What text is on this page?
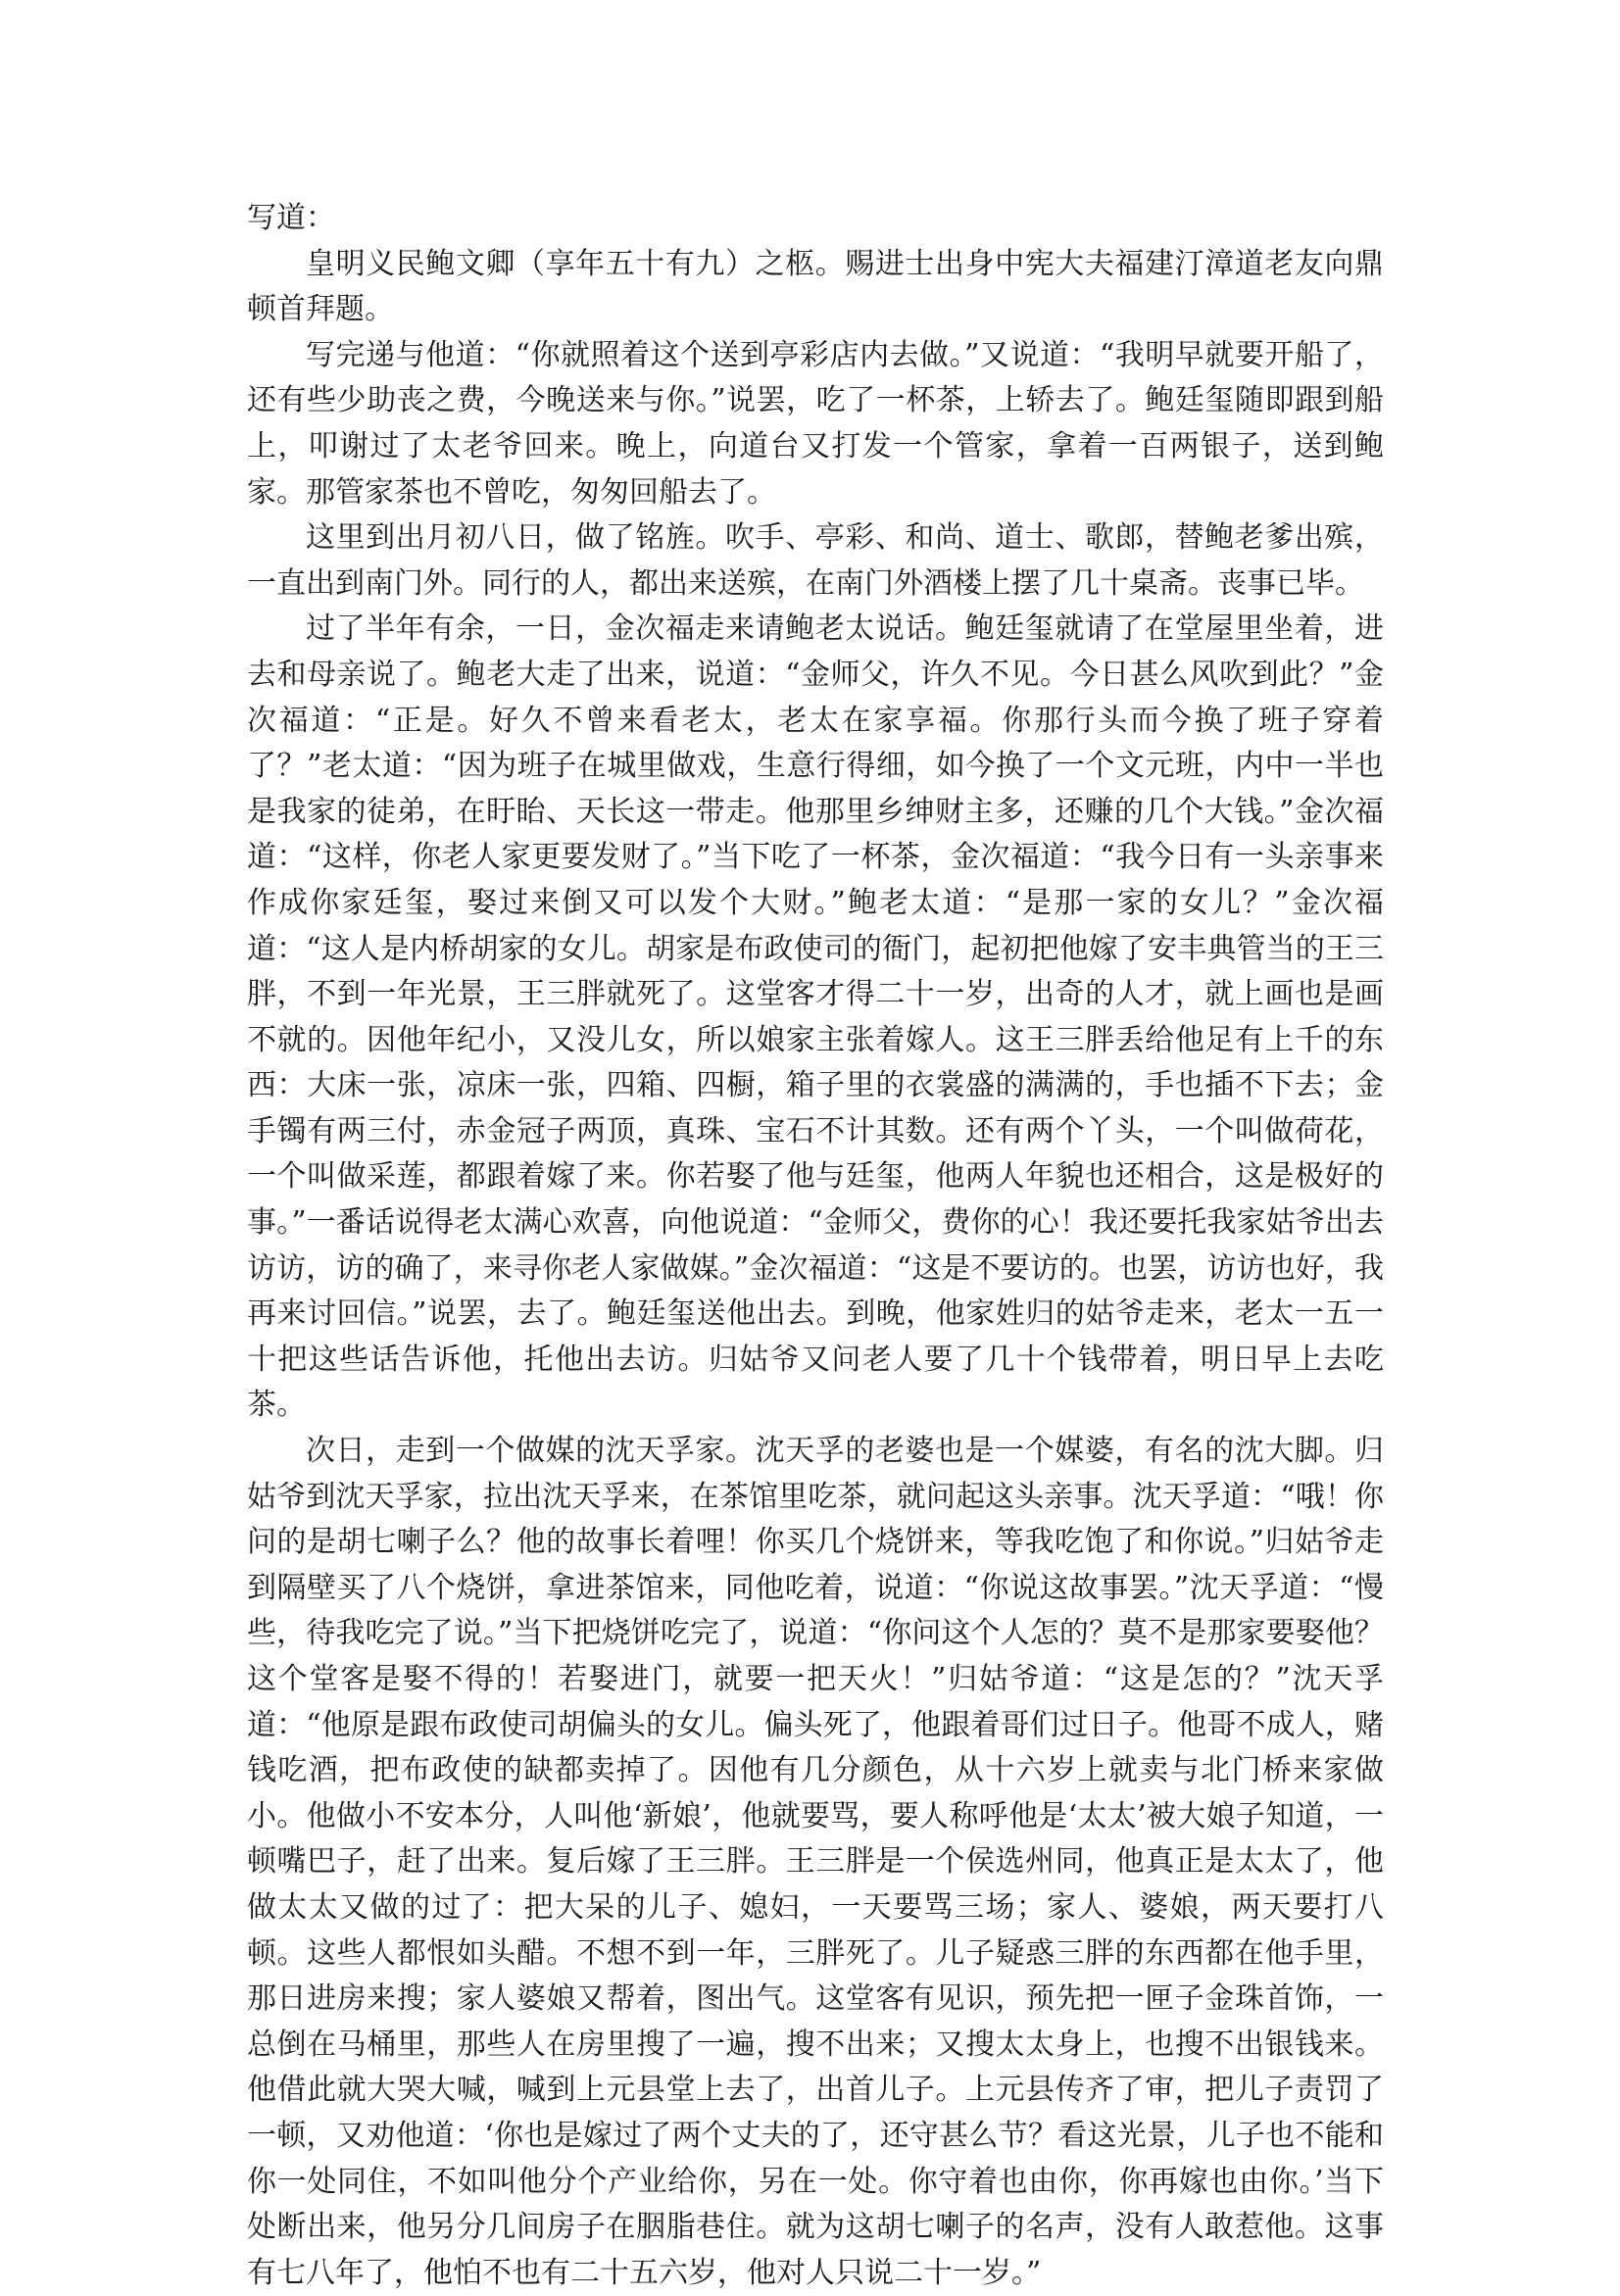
写道：

皇明义民鲍文卿（享年五十有九）之柩。赐进士出身中宪大夫福建汀漳道老友向鼎顿首拜题。

写完递与他道：“你就照着这个送到亭彩店内去做。”又说道：“我明早就要开船了，还有些少助丧之费，今晚送来与你。”说罢，吃了一杯茶，上轿去了。鲍廷玺随即跟到船上，叩谢过了太老爷回来。晚上，向道台又打发一个管家，拿着一百两银子，送到鲍家。那管家茶也不曾吃，匆匆回船去了。

这里到出月初八日，做了铭旌。吹手、亭彩、和尚、道士、歌郎，替鲍老爹出殡，一直出到南门外。同行的人，都出来送殡，在南门外酒楼上摆了几十桌斋。丧事已毕。

过了半年有余，一日，金次福走来请鲍老太说话。鲍廷玺就请了在堂屋里坐着，进去和母亲说了。鲍老大走了出来，说道：“金师父，许久不见。今日甚么风吹到此？”金次福道：“正是。好久不曾来看老太，老太在家享福。你那行头而今换了班子穿着了？”老太道：“因为班子在城里做戏，生意行得细，如今换了一个文元班，内中一半也是我家的徒弟，在盱眙、天长这一带走。他那里乡绅财主多，还赚的几个大钱。”金次福道：“这样，你老人家更要发财了。”当下吃了一杯茶，金次福道：“我今日有一头亲事来作成你家廷玺，娶过来倒又可以发个大财。”鲍老太道：“是那一家的女儿？”金次福道：“这人是内桥胡家的女儿。胡家是布政使司的衙门，起初把他嫁了安丰典管当的王三胖，不到一年光景，王三胖就死了。这堂客才得二十一岁，出奇的人才，就上画也是画不就的。因他年纪小，又没儿女，所以娘家主张着嫁人。这王三胖丢给他足有上千的东西：大床一张，凉床一张，四箱、四橱，箱子里的衣裳盛的满满的，手也插不下去；金手镯有两三付，赤金冠子两顶，真珠、宝石不计其数。还有两个丫头，一个叫做荷花，一个叫做采莲，都跟着嫁了来。你若娶了他与廷玺，他两人年貌也还相合，这是极好的事。”一番话说得老太满心欢喜，向他说道：“金师父，费你的心！我还要托我家姑爷出去访访，访的确了，来寻你老人家做媒。”金次福道：“这是不要访的。也罢，访访也好，我再来讨回信。”说罢，去了。鲍廷玺送他出去。到晚，他家姓归的姑爷走来，老太一五一十把这些话告诉他，托他出去访。归姑爷又问老人要了几十个钱带着，明日早上去吃茶。

次日，走到一个做媒的沈天孚家。沈天孚的老婆也是一个媒婆，有名的沈大脚。归姑爷到沈天孚家，拉出沈天孚来，在茶馆里吃茶，就问起这头亲事。沈天孚道：“哦！你问的是胡七喇子么？他的故事长着哩！你买几个烧饼来，等我吃饱了和你说。”归姑爷走到隔壁买了八个烧饼，拿进茶馆来，同他吃着，说道：“你说这故事罢。”沈天孚道：“慢些，待我吃完了说。”当下把烧饼吃完了，说道：“你问这个人怎的？莫不是那家要娶他？这个堂客是娶不得的！若娶进门，就要一把天火！”归姑爷道：“这是怎的？”沈天孚道：“他原是跟布政使司胡偏头的女儿。偏头死了，他跟着哥们过日子。他哥不成人，赌钱吃酒，把布政使的缺都卖掉了。因他有几分颜色，从十六岁上就卖与北门桥来家做小。他做小不安本分，人叫他‘新娘’，他就要骂，要人称呼他是‘太太’被大娘子知道，一顿嘴巴子，赶了出来。复后嫁了王三胖。王三胖是一个侯选州同，他真正是太太了，他做太太又做的过了：把大呆的儿子、媳妇，一天要骂三场；家人、婆娘，两天要打八顿。这些人都恨如头醋。不想不到一年，三胖死了。儿子疑惑三胖的东西都在他手里，那日进房来搜；家人婆娘又帮着，图出气。这堂客有见识，预先把一匣子金珠首饰，一总倒在马桶里，那些人在房里搜了一遍，搜不出来；又搜太太身上，也搜不出银钱来。他借此就大哭大喊，喊到上元县堂上去了，出首儿子。上元县传齐了审，把儿子责罚了一顿，又劝他道：‘你也是嫁过了两个丈夫的了，还守甚么节？看这光景，儿子也不能和你一处同住，不如叫他分个产业给你，另在一处。你守着也由你，你再嫁也由你。’当下处断出来，他另分几间房子在胭脂巷住。就为这胡七喇子的名声，没有人敢惹他。这事有七八年了，他怕不也有二十五六岁，他对人只说二十一岁。”
